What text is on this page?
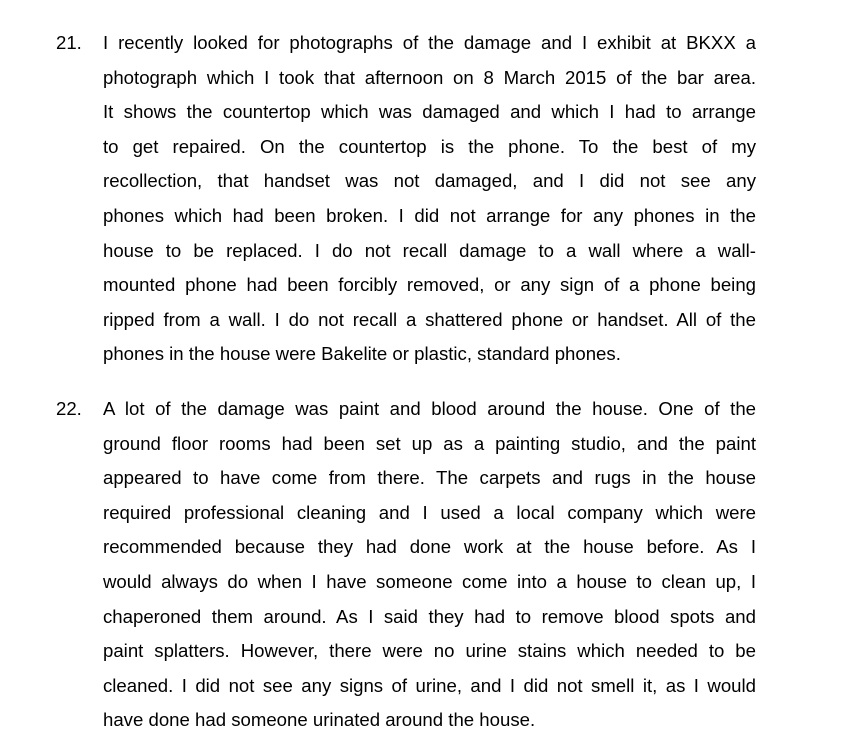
21. I recently looked for photographs of the damage and I exhibit at BKXX a
photograph which I took that afternoon on 8 March 2015 of the bar area.
It shows the countertop which was damaged and which I had to arrange
to get repaired. On the countertop is the phone. To the best of my
recollection, that handset was not damaged, and I did not see any
phones which had been broken. I did not arrange for any phones in the
house to be replaced. I do not recall damage to a wall where a wall-
mounted phone had been forcibly removed, or any sign of a phone being
ripped from a wall. I do not recall a shattered phone or handset. All of the
phones in the house were Bakelite or plastic, standard phones.
22. A lot of the damage was paint and blood around the house. One of the
ground floor rooms had been set up as a painting studio, and the paint
appeared to have come from there. The carpets and rugs in the house
required professional cleaning and I used a local company which were
recommended because they had done work at the house before. As I
would always do when I have someone come into a house to clean up, I
chaperoned them around. As I said they had to remove blood spots and
paint splatters. However, there were no urine stains which needed to be
cleaned. I did not see any signs of urine, and I did not smell it, as I would
have done had someone urinated around the house.
